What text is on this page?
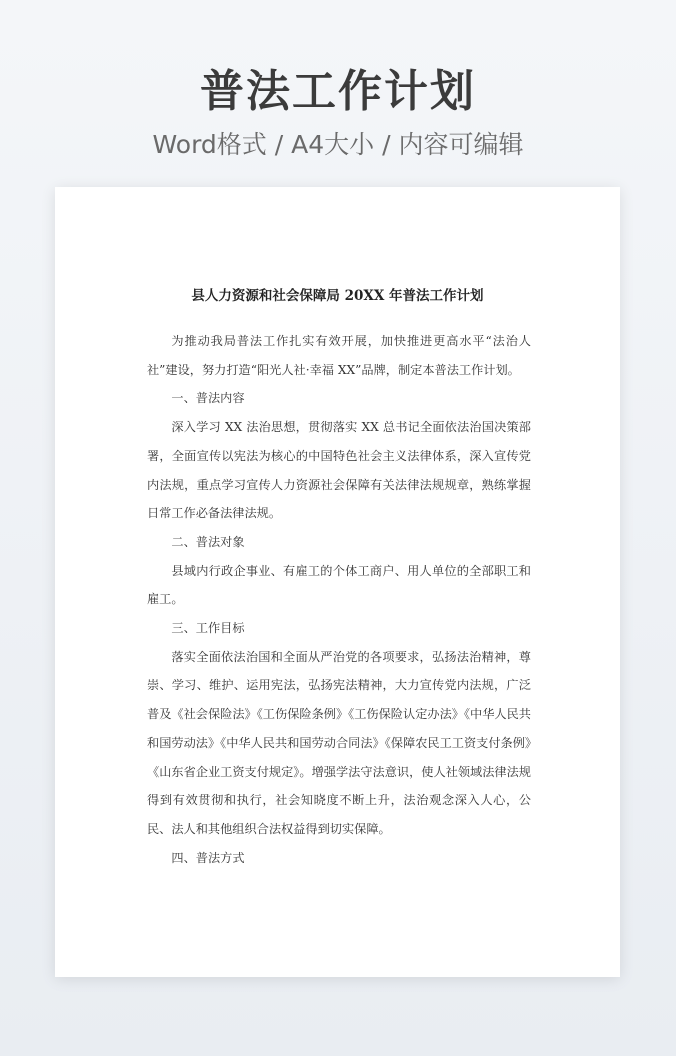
普法工作计划
Word格式 / A4大小 / 内容可编辑
县人力资源和社会保障局 20XX 年普法工作计划

为推动我局普法工作扎实有效开展，加快推进更高水平“法治人社”建设，努力打造“阳光人社·幸福 XX”品牌，制定本普法工作计划。

一、普法内容

深入学习 XX 法治思想，贯彻落实 XX 总书记全面依法治国决策部署，全面宣传以宪法为核心的中国特色社会主义法律体系，深入宣传党内法规，重点学习宣传人力资源社会保障有关法律法规规章，熟练掌握日常工作必备法律法规。

二、普法对象

县域内行政企事业、有雇工的个体工商户、用人单位的全部职工和雇工。

三、工作目标

落实全面依法治国和全面从严治党的各项要求，弘扬法治精神，尊崇、学习、维护、运用宪法，弘扬宪法精神，大力宣传党内法规，广泛普及《社会保险法》《工伤保险条例》《工伤保险认定办法》《中华人民共和国劳动法》《中华人民共和国劳动合同法》《保障农民工工资支付条例》《山东省企业工资支付规定》。增强学法守法意识，使人社领域法律法规得到有效贯彻和执行，社会知晓度不断上升，法治观念深入人心，公民、法人和其他组织合法权益得到切实保障。

四、普法方式
